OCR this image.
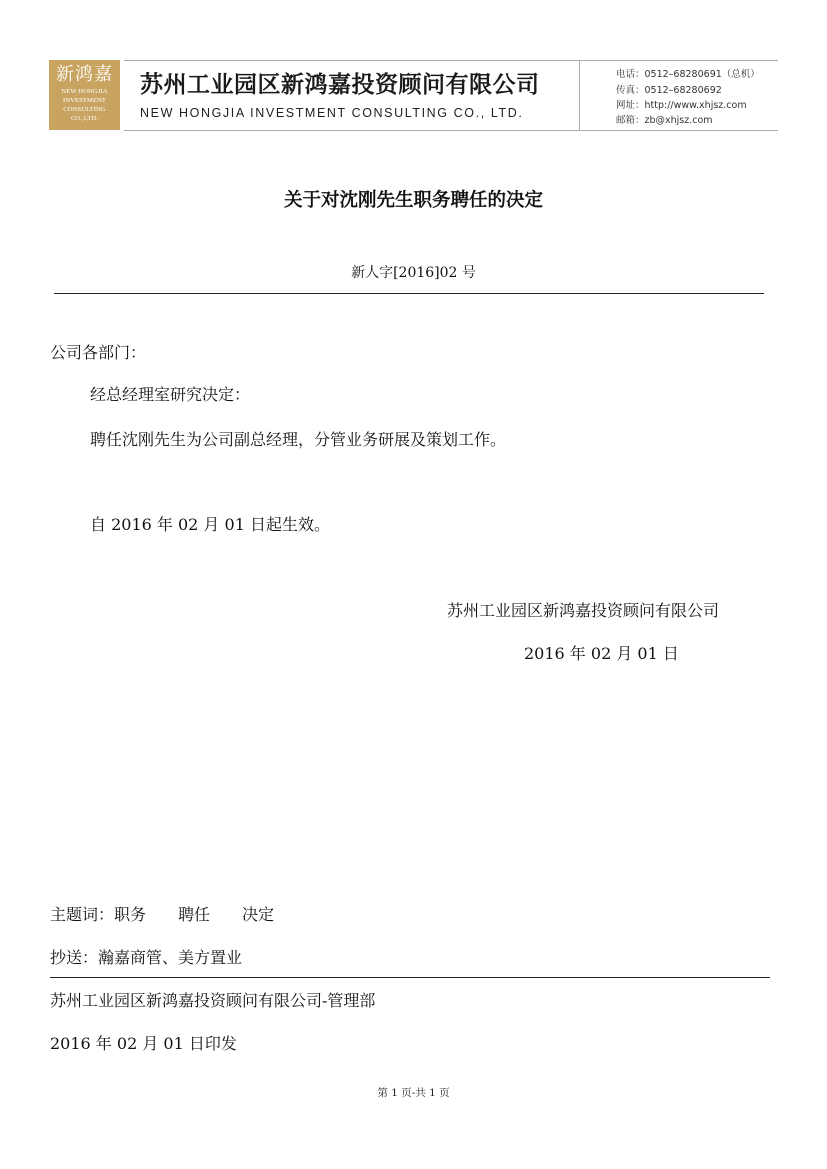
新鸿嘉
NEW HONGJIA
INVESTMENT
CONSULTING
CO.,LTD.
苏州工业园区新鸿嘉投资顾问有限公司
NEW HONGJIA INVESTMENT CONSULTING CO., LTD.
电话：0512–68280691（总机）
传真：0512–68280692
网址：http://www.xhjsz.com
邮箱：zb@xhjsz.com
关于对沈刚先生职务聘任的决定
新人字[2016]02 号
公司各部门：
经总经理室研究决定：
聘任沈刚先生为公司副总经理，分管业务研展及策划工作。
自 2016 年 02 月 01 日起生效。
苏州工业园区新鸿嘉投资顾问有限公司
2016 年 02 月 01 日
主题词：职务 聘任 决定
抄送：瀚嘉商管、美方置业
苏州工业园区新鸿嘉投资顾问有限公司-管理部
2016 年 02 月 01 日印发
第 1 页-共 1 页
